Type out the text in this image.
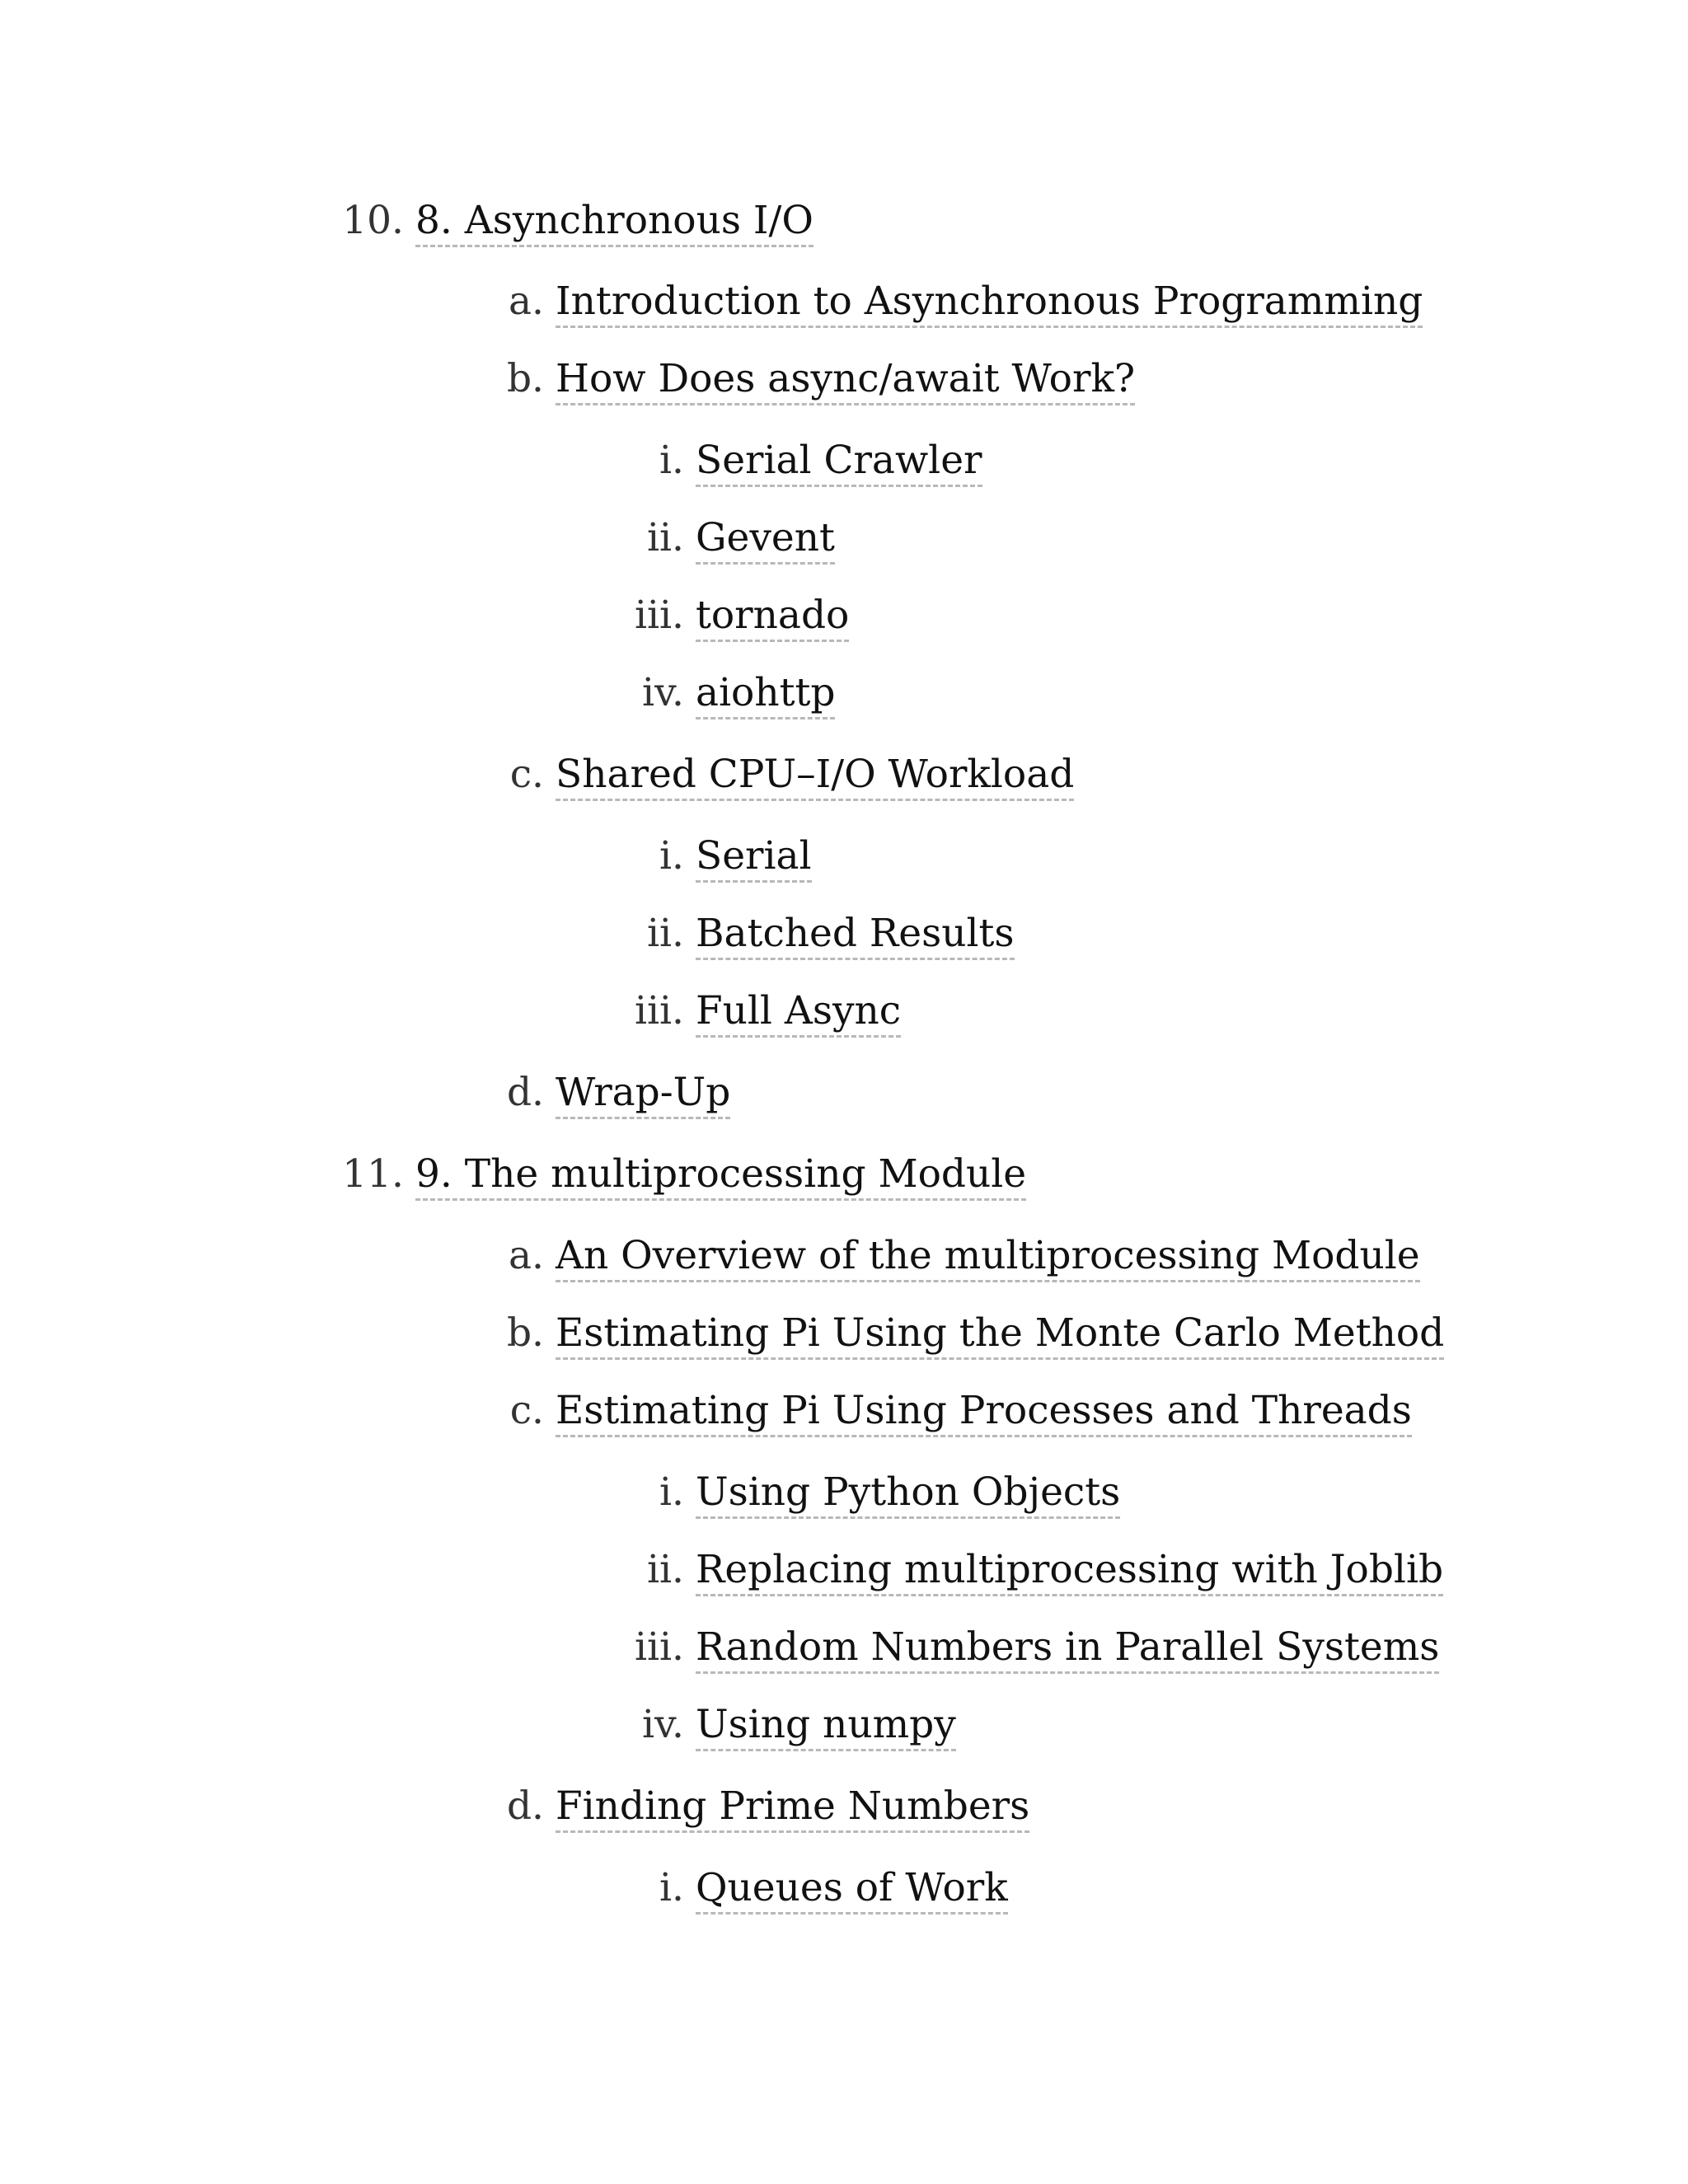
10. 8. Asynchronous I/O
a. Introduction to Asynchronous Programming
b. How Does async/await Work?
i. Serial Crawler
ii. Gevent
iii. tornado
iv. aiohttp
c. Shared CPU–I/O Workload
i. Serial
ii. Batched Results
iii. Full Async
d. Wrap-Up
11. 9. The multiprocessing Module
a. An Overview of the multiprocessing Module
b. Estimating Pi Using the Monte Carlo Method
c. Estimating Pi Using Processes and Threads
i. Using Python Objects
ii. Replacing multiprocessing with Joblib
iii. Random Numbers in Parallel Systems
iv. Using numpy
d. Finding Prime Numbers
i. Queues of Work
